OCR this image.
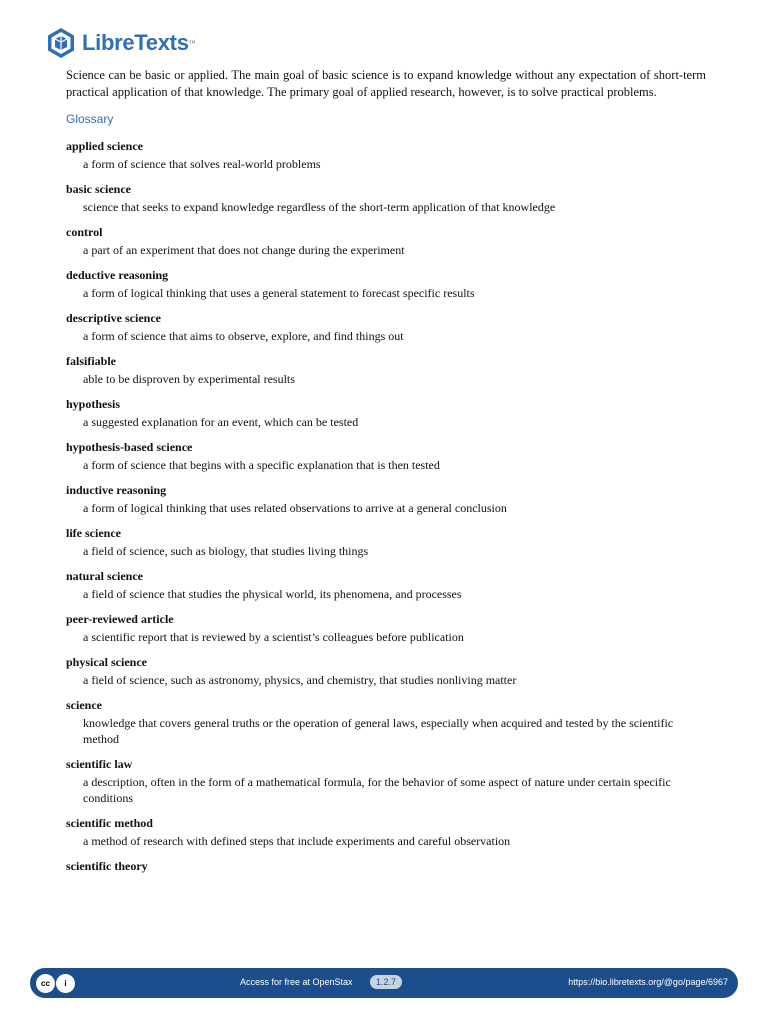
LibreTexts ™

Science can be basic or applied. The main goal of basic science is to expand knowledge without any expectation of short-term practical application of that knowledge. The primary goal of applied research, however, is to solve practical problems.

Glossary
applied science
a form of science that solves real-world problems
basic science
science that seeks to expand knowledge regardless of the short-term application of that knowledge
control
a part of an experiment that does not change during the experiment
deductive reasoning
a form of logical thinking that uses a general statement to forecast specific results
descriptive science
a form of science that aims to observe, explore, and find things out
falsifiable
able to be disproven by experimental results
hypothesis
a suggested explanation for an event, which can be tested
hypothesis-based science
a form of science that begins with a specific explanation that is then tested
inductive reasoning
a form of logical thinking that uses related observations to arrive at a general conclusion
life science
a field of science, such as biology, that studies living things
natural science
a field of science that studies the physical world, its phenomena, and processes
peer-reviewed article
a scientific report that is reviewed by a scientist’s colleagues before publication
physical science
a field of science, such as astronomy, physics, and chemistry, that studies nonliving matter
science
knowledge that covers general truths or the operation of general laws, especially when acquired and tested by the scientific method
scientific law
a description, often in the form of a mathematical formula, for the behavior of some aspect of nature under certain specific conditions
scientific method
a method of research with defined steps that include experiments and careful observation
scientific theory
cc	i	Access for free at OpenStax	1.2.7	https://bio.libretexts.org/@go/page/6967
